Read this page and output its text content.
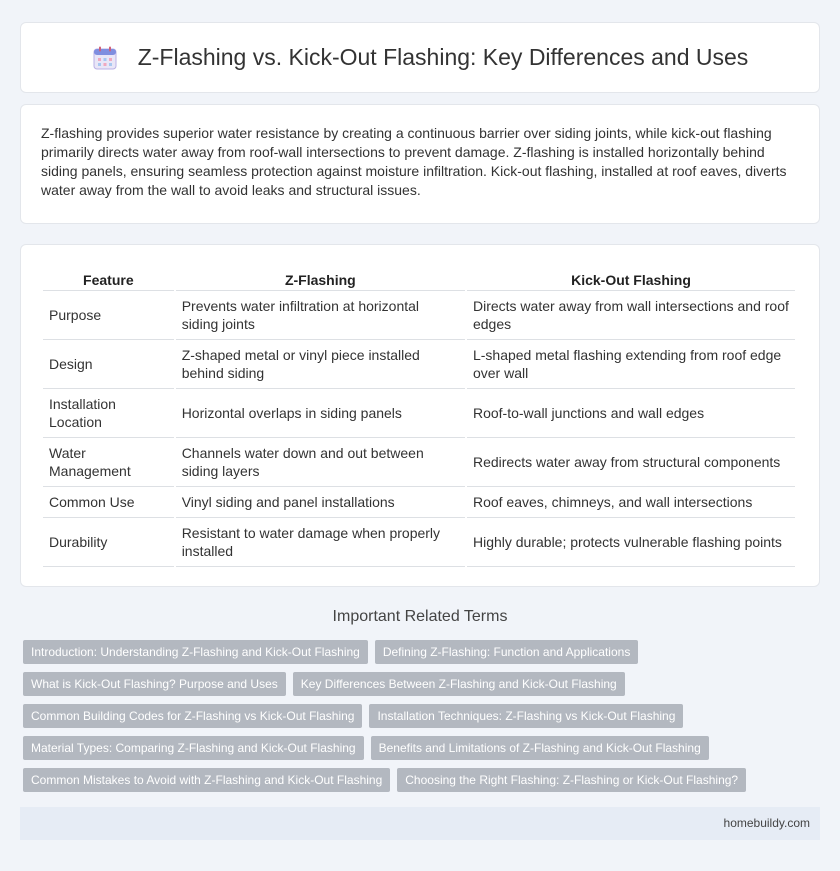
Z-Flashing vs. Kick-Out Flashing: Key Differences and Uses

Z-flashing provides superior water resistance by creating a continuous barrier over siding joints, while kick-out flashing primarily directs water away from roof-wall intersections to prevent damage. Z-flashing is installed horizontally behind siding panels, ensuring seamless protection against moisture infiltration. Kick-out flashing, installed at roof eaves, diverts water away from the wall to avoid leaks and structural issues.

Feature	Z-Flashing	Kick-Out Flashing
Purpose	Prevents water infiltration at horizontal siding joints	Directs water away from wall intersections and roof edges
Design	Z-shaped metal or vinyl piece installed behind siding	L-shaped metal flashing extending from roof edge over wall
Installation Location	Horizontal overlaps in siding panels	Roof-to-wall junctions and wall edges
Water Management	Channels water down and out between siding layers	Redirects water away from structural components
Common Use	Vinyl siding and panel installations	Roof eaves, chimneys, and wall intersections
Durability	Resistant to water damage when properly installed	Highly durable; protects vulnerable flashing points
Important Related Terms
Introduction: Understanding Z-Flashing and Kick-Out Flashing	Defining Z-Flashing: Function and Applications
What is Kick-Out Flashing? Purpose and Uses	Key Differences Between Z-Flashing and Kick-Out Flashing
Common Building Codes for Z-Flashing vs Kick-Out Flashing	Installation Techniques: Z-Flashing vs Kick-Out Flashing
Material Types: Comparing Z-Flashing and Kick-Out Flashing	Benefits and Limitations of Z-Flashing and Kick-Out Flashing
Common Mistakes to Avoid with Z-Flashing and Kick-Out Flashing	Choosing the Right Flashing: Z-Flashing or Kick-Out Flashing?
homebuildy.com
